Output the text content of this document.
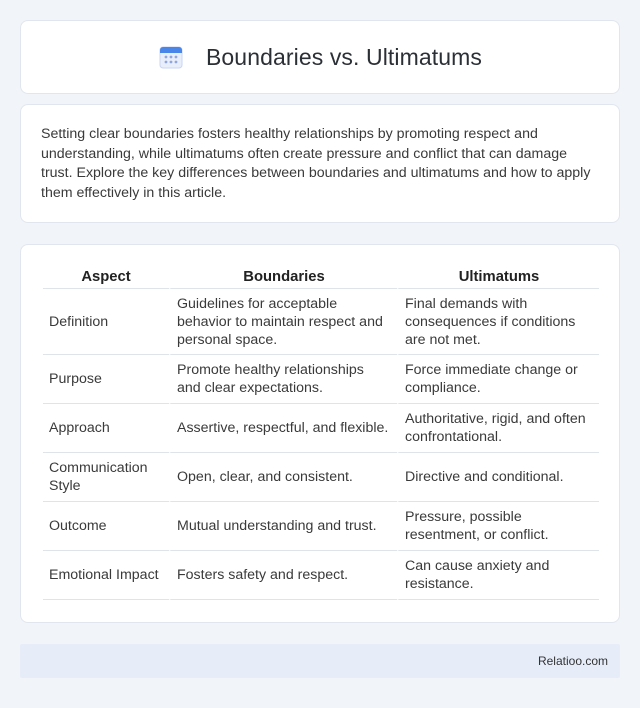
Boundaries vs. Ultimatums

Setting clear boundaries fosters healthy relationships by promoting respect and understanding, while ultimatums often create pressure and conflict that can damage trust. Explore the key differences between boundaries and ultimatums and how to apply them effectively in this article.

Aspect	Boundaries	Ultimatums
Definition	Guidelines for acceptable behavior to maintain respect and personal space.	Final demands with consequences if conditions are not met.
Purpose	Promote healthy relationships and clear expectations.	Force immediate change or compliance.
Approach	Assertive, respectful, and flexible.	Authoritative, rigid, and often confrontational.
Communication Style	Open, clear, and consistent.	Directive and conditional.
Outcome	Mutual understanding and trust.	Pressure, possible resentment, or conflict.
Emotional Impact	Fosters safety and respect.	Can cause anxiety and resistance.
Relatioo.com
